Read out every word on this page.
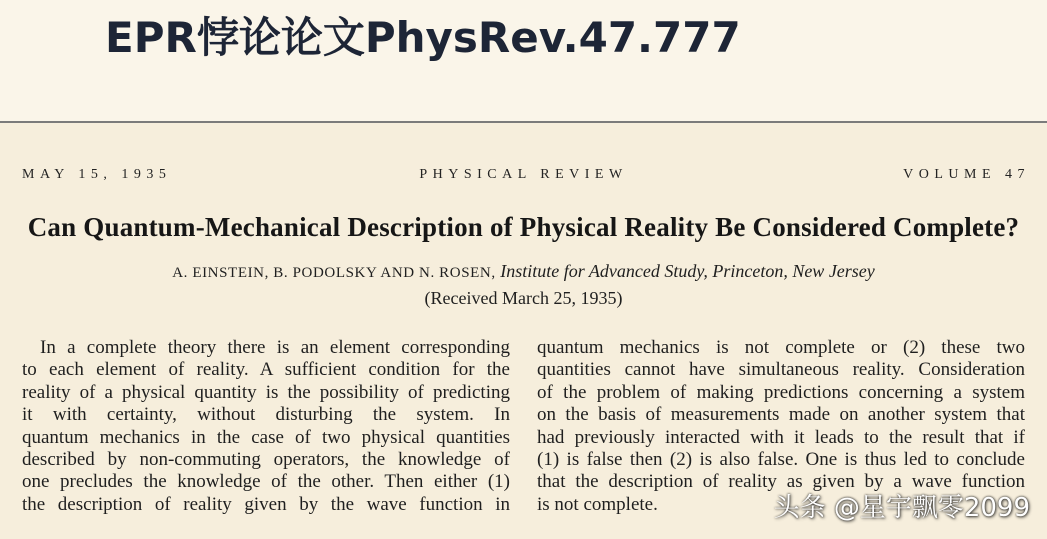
EPR悖论论文PhysRev.47.777
MAY 15, 1935	PHYSICAL REVIEW	VOLUME 47
Can Quantum-Mechanical Description of Physical Reality Be Considered Complete?
A. EINSTEIN, B. PODOLSKY AND N. ROSEN, Institute for Advanced Study, Princeton, New Jersey
(Received March 25, 1935)
In a complete theory there is an element corresponding
to each element of reality. A sufficient condition for the
reality of a physical quantity is the possibility of predicting
it with certainty, without disturbing the system. In
quantum mechanics in the case of two physical quantities
described by non-commuting operators, the knowledge of
one precludes the knowledge of the other. Then either (1)
the description of reality given by the wave function in
quantum mechanics is not complete or (2) these two
quantities cannot have simultaneous reality. Consideration
of the problem of making predictions concerning a system
on the basis of measurements made on another system that
had previously interacted with it leads to the result that if
(1) is false then (2) is also false. One is thus led to conclude
that the description of reality as given by a wave function
is not complete.	头条 @星宇飘零2099
